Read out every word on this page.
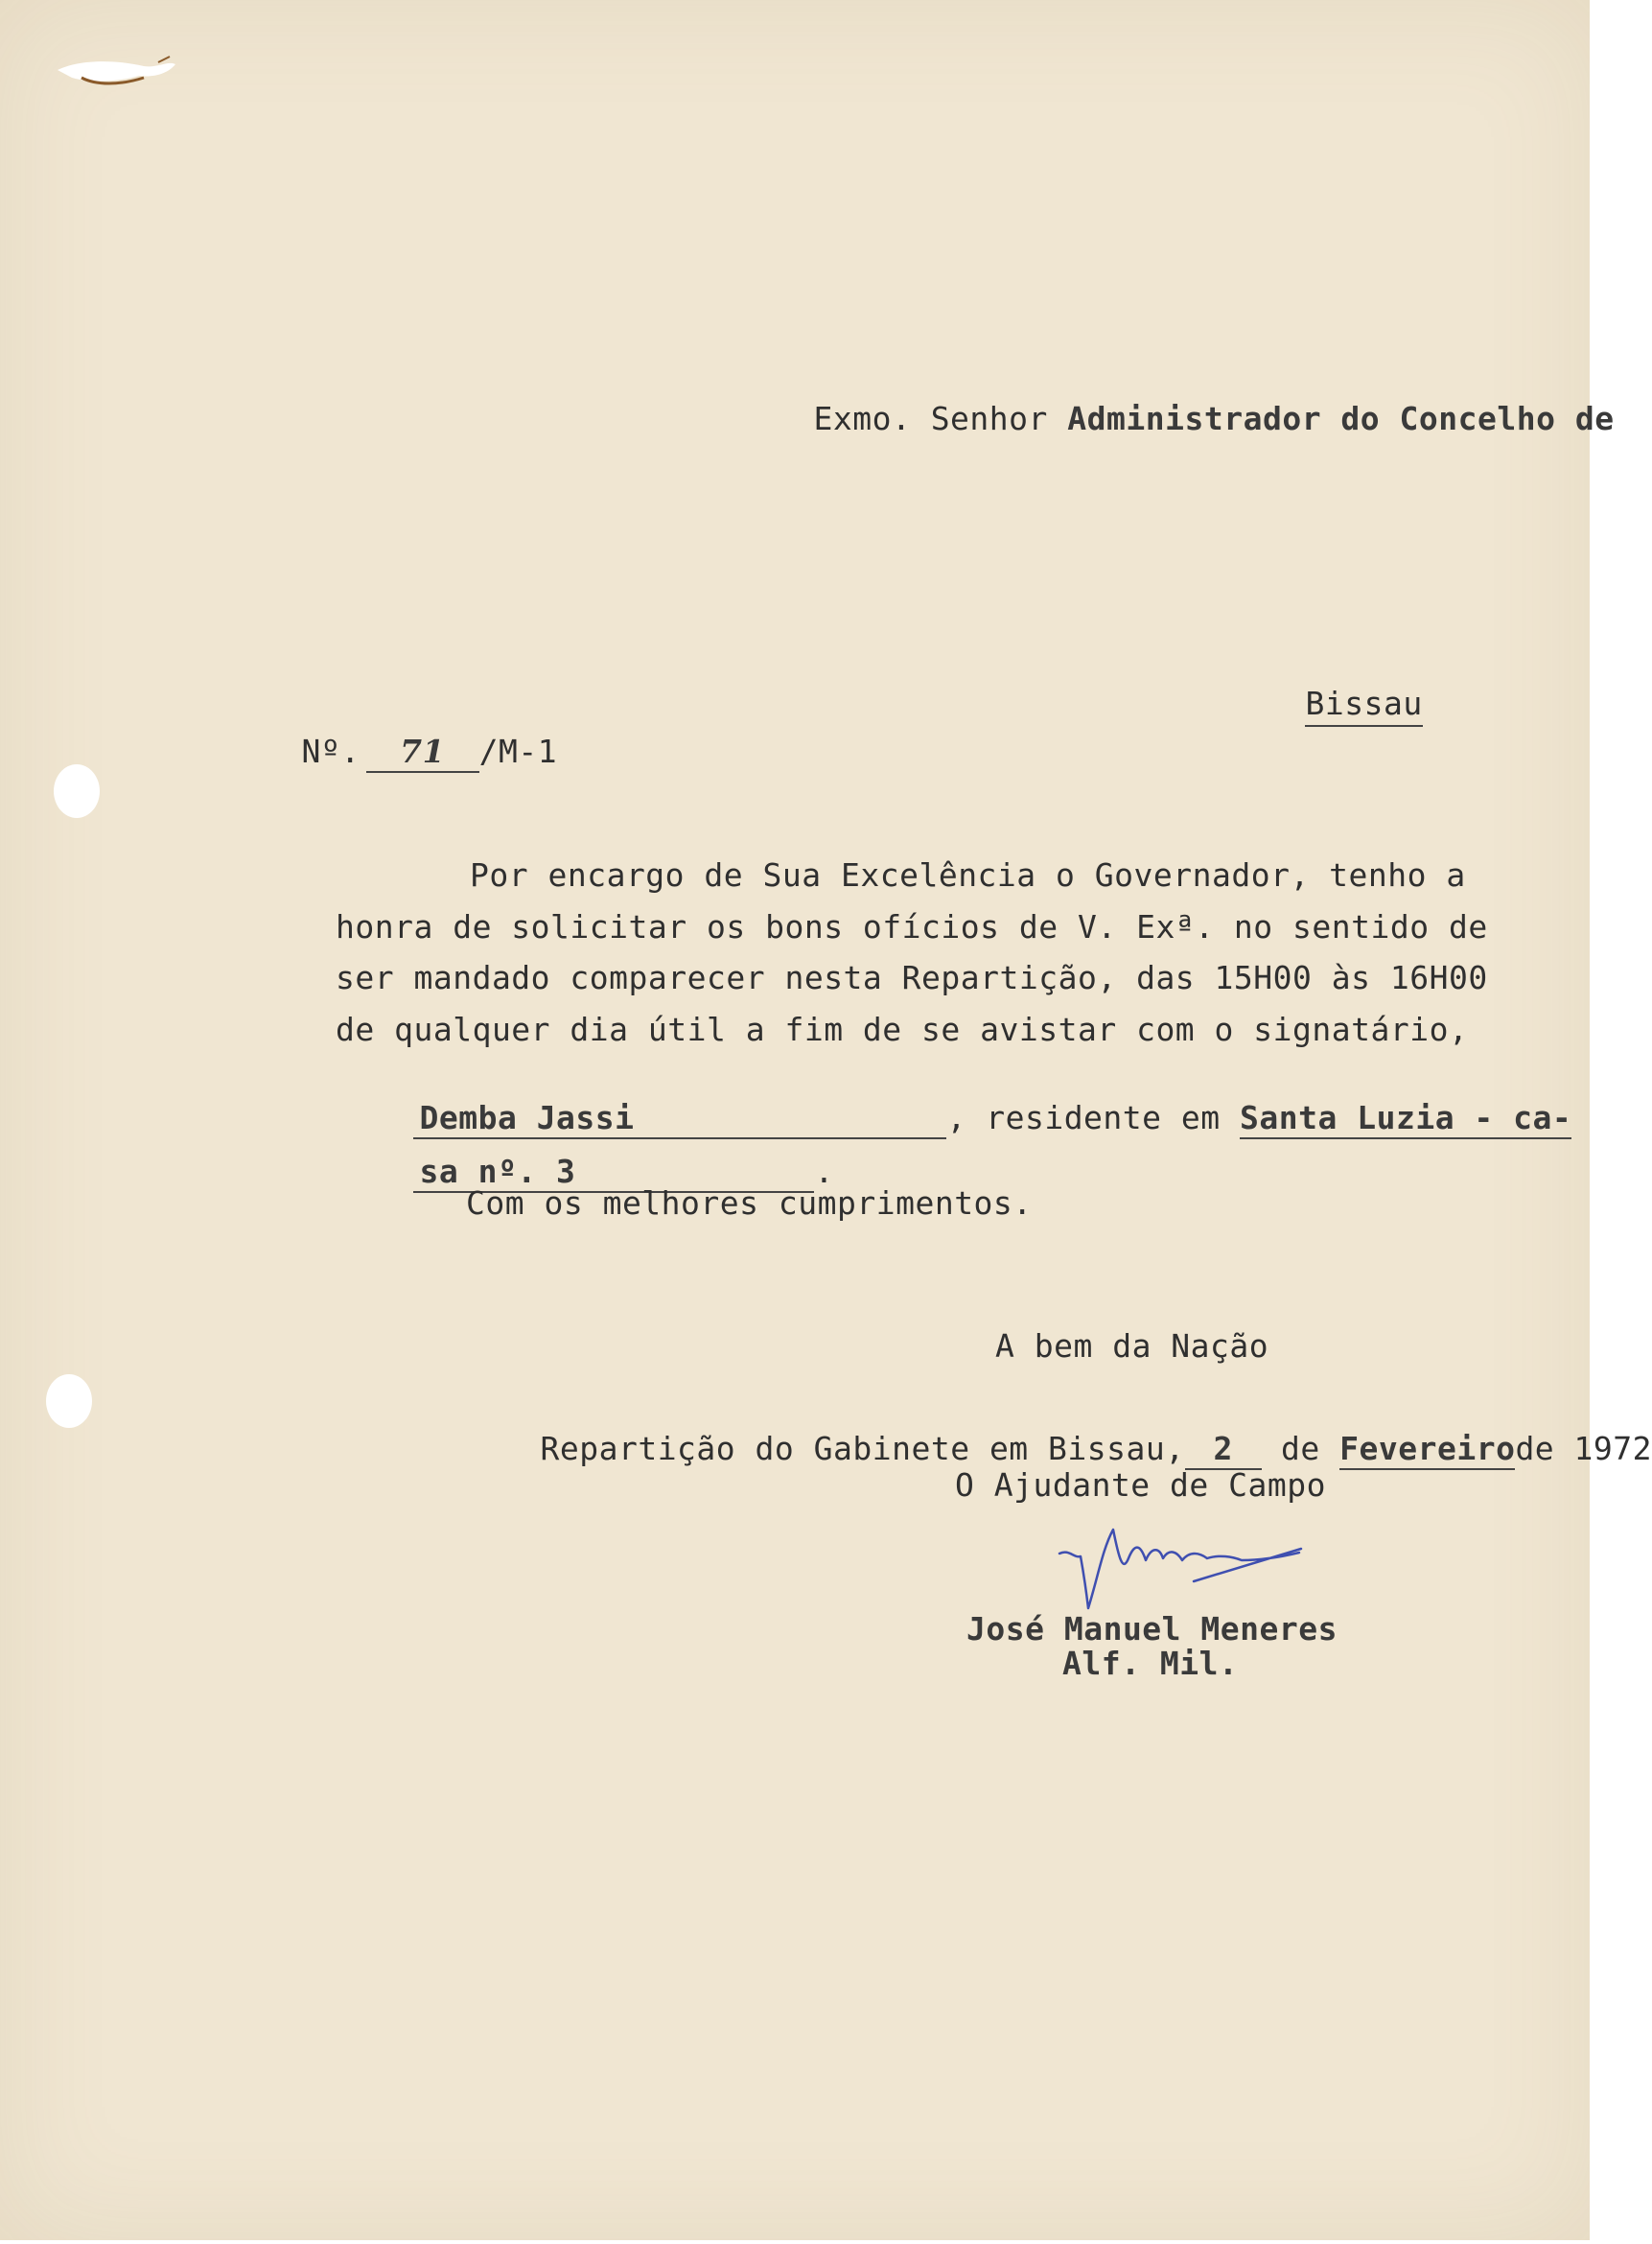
Exmo. Senhor Administrador do Concelho de

Bissau

Nº. 71 /M-1

Por encargo de Sua Excelência o Governador, tenho a
honra de solicitar os bons ofícios de V. Exª. no sentido de
ser mandado comparecer nesta Repartição, das 15H00 às 16H00
de qualquer dia útil a fim de se avistar com o signatário,

Demba Jassi	, residente em Santa Luzia - ca-

sa nº. 3	.

Com os melhores cumprimentos.
A bem da Nação

Repartição do Gabinete em Bissau, 2 de Fevereirode 1972

O Ajudante de Campo
José Manuel Meneres
Alf. Mil.
